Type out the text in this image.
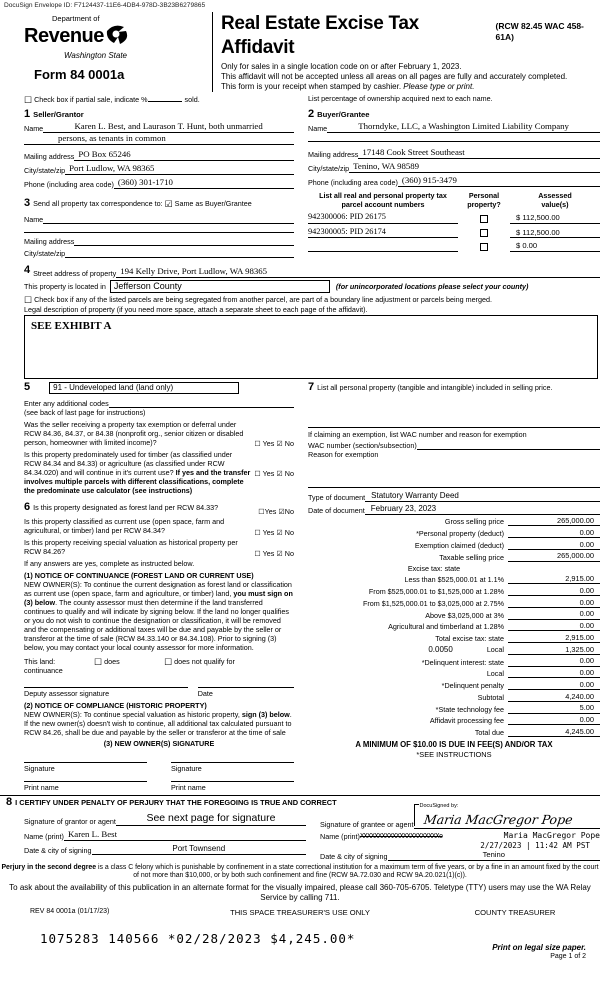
DocuSign Envelope ID: F7124437-11E6-4DB4-978D-3B23B6279865
Department of
Revenue
Washington State
Form 84 0001a
Real Estate Excise Tax Affidavit
(RCW 82.45 WAC 458-61A)
Only for sales in a single location code on or after February 1, 2023.
This affidavit will not be accepted unless all areas on all pages are fully and accurately completed.
This form is your receipt when stamped by cashier. Please type or print.
☐ Check box if partial sale, indicate %	sold.	List percentage of ownership acquired next to each name.
1 Seller/Grantor
Name	Karen L. Best, and Laurason T. Hunt, both unmarried
persons, as tenants in common
Mailing address PO Box 65246
City/state/zip Port Ludlow, WA 98365
Phone (including area code) (360) 301-1710
3 Send all property tax correspondence to: ☑ Same as Buyer/Grantee
Name
Mailing address
City/state/zip
2 Buyer/Grantee
Name	Thorndyke, LLC, a Washington Limited Liability Company
Mailing address 17148 Cook Street Southeast
City/state/zip Tenino, WA 98589
Phone (including area code) (360) 915-3479
List all real and personal property tax
parcel account numbers
Personal
property?
Assessed
value(s)
942300006: PID 26175	$ 112,500.00
942300005: PID 26174	$ 112,500.00
$ 0.00
4 Street address of property 194 Kelly Drive, Port Ludlow, WA 98365
This property is located in Jefferson County	(for unincorporated locations please select your county)
☐ Check box if any of the listed parcels are being segregated from another parcel, are part of a boundary line adjustment or parcels being merged.
Legal description of property (if you need more space, attach a separate sheet to each page of the affidavit).
SEE EXHIBIT A
5	91 - Undeveloped land (land only)
Enter any additional codes
(see back of last page for instructions)
Was the seller receiving a property tax exemption or deferral under RCW 84.36, 84.37, or 84.38 (nonprofit org., senior citizen or disabled person, homeowner with limited income)?	☐ Yes ☑ No
Is this property predominately used for timber (as classified under RCW 84.34 and 84.33) or agriculture (as classified under RCW 84.34.020) and will continue in it's current use? If yes and the transfer involves multiple parcels with different classifications, complete the predominate use calculator (see instructions)
☐ Yes ☑ No
6 Is this property designated as forest land per RCW 84.33?
☐Yes ☑No
Is this property classified as current use (open space, farm and agricultural, or timber) land per RCW 84.34?	☐ Yes ☑ No
Is this property receiving special valuation as historical property per RCW 84.26?	☐ Yes ☑ No
If any answers are yes, complete as instructed below.
(1) NOTICE OF CONTINUANCE (FOREST LAND OR CURRENT USE)
NEW OWNER(S): To continue the current designation as forest land or classification as current use (open space, farm and agriculture, or timber) land, you must sign on (3) below. The county assessor must then determine if the land transferred continues to qualify and will indicate by signing below. If the land no longer qualifies or you do not wish to continue the designation or classification, it will be removed and the compensating or additional taxes will be due and payable by the seller or transferor at the time of sale (RCW 84.33.140 or 84.34.108). Prior to signing (3) below, you may contact your local county assessor for more information.
This land:	☐ does	☐ does not qualify for
continuance
Deputy assessor signature	Date
(2) NOTICE OF COMPLIANCE (HISTORIC PROPERTY)
NEW OWNER(S): To continue special valuation as historic property, sign (3) below. If the new owner(s) doesn't wish to continue, all additional tax calculated pursuant to RCW 84.26, shall be due and payable by the seller or transferor at the time of sale
(3) NEW OWNER(S) SIGNATURE
Signature	Signature
Print name	Print name
7 List all personal property (tangible and intangible) included in selling price.
If claiming an exemption, list WAC number and reason for exemption
WAC number (section/subsection)
Reason for exemption
Type of document Statutory Warranty Deed
Date of document February 23, 2023
Gross selling price	265,000.00
*Personal property (deduct)	0.00
Exemption claimed (deduct)	0.00
Taxable selling price	265,000.00
Excise tax: state
Less than $525,000.01 at 1.1%	2,915.00
From $525,000.01 to $1,525,000 at 1.28%	0.00
From $1,525,000.01 to $3,025,000 at 2.75%	0.00
Above $3,025,000 at 3%	0.00
Agricultural and timberland at 1.28%	0.00
Total excise tax: state	2,915.00
0.0050	Local	1,325.00
*Delinquent interest: state	0.00
Local	0.00
*Delinquent penalty	0.00
Subtotal	4,240.00
*State technology fee	5.00
Affidavit processing fee	0.00
Total due	4,245.00
A MINIMUM OF $10.00 IS DUE IN FEE(S) AND/OR TAX
*SEE INSTRUCTIONS
8 I CERTIFY UNDER PENALTY OF PERJURY THAT THE FOREGOING IS TRUE AND CORRECT
Signature of grantor or agent	See next page for signature
Name (print) Karen L. Best
Date & city of signing	Port Townsend
Signature of grantee or agent
DocuSigned by:
Maria MacGregor Pope
Name (print) XXXXXXXXXXXXXXXXXXXXXXo	Maria MacGregor Pope
2/27/2023 | 11:42 AM PST
Date & city of signing	Tenino
Perjury in the second degree is a class C felony which is punishable by confinement in a state correctional institution for a maximum term of five years, or by a fine in an amount fixed by the court of not more than $10,000, or by both such confinement and fine (RCW 9A.72.030 and RCW 9A.20.021(1)(c)).
To ask about the availability of this publication in an alternate format for the visually impaired, please call 360-705-6705. Teletype (TTY) users may use the WA Relay Service by calling 711.
REV 84 0001a (01/17/23)	THIS SPACE TREASURER'S USE ONLY	COUNTY TREASURER
1075283 140566 *02/28/2023 $4,245.00*
Print on legal size paper.
Page 1 of 2
